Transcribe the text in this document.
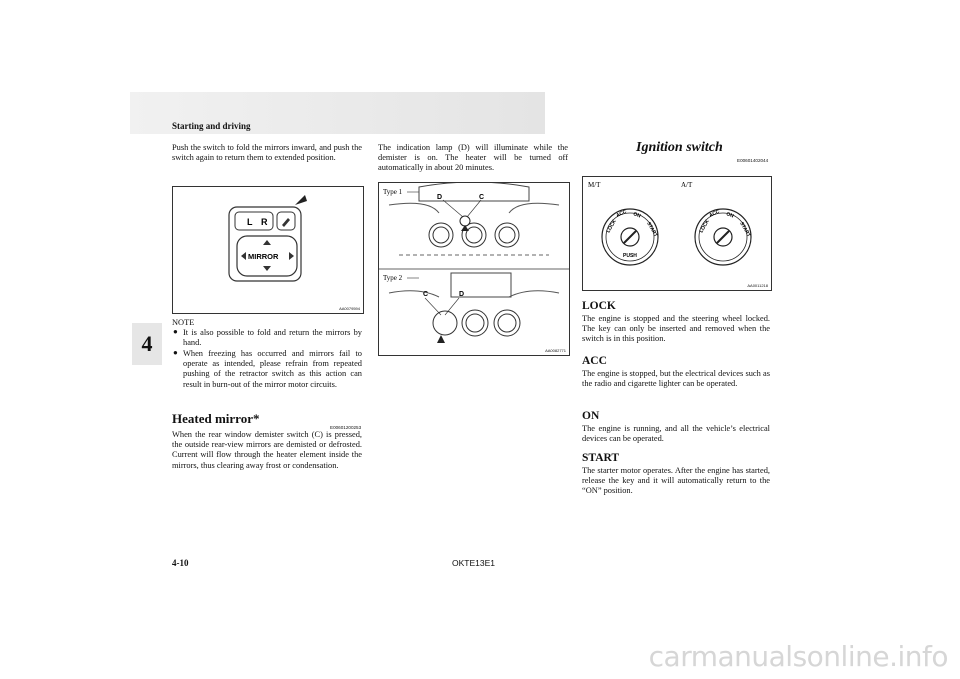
Starting and driving
4
Push the switch to fold the mirrors inward, and push the switch again to return them to extended position.
L R
MIRROR
AA0079594
NOTE
● It is also possible to fold and return the mirrors by hand.
● When freezing has occurred and mirrors fail to operate as intended, please refrain from repeated pushing of the retractor switch as this action can result in burn-out of the mirror motor circuits.
Heated mirror*
E00601200253
When the rear window demister switch (C) is pressed, the outside rear-view mirrors are demisted or defrosted. Current will flow through the heater element inside the mirrors, thus clearing away frost or condensation.
The indication lamp (D) will illuminate while the demister is on. The heater will be turned off automatically in about 20 minutes.
Type 1
D	C
Type 2
C	D
AA0082771
Ignition switch
E00601402044
M/T	A/T
LOCK
ACC ON
START
PUSH
LOCK
ACC ON
START
AA0011218
LOCK
The engine is stopped and the steering wheel locked. The key can only be inserted and removed when the switch is in this position.
ACC
The engine is stopped, but the electrical devices such as the radio and cigarette lighter can be operated.
ON
The engine is running, and all the vehicle’s electrical devices can be operated.
START
The starter motor operates. After the engine has started, release the key and it will automatically return to the “ON” position.
4-10	OKTE13E1
carmanualsonline.info
